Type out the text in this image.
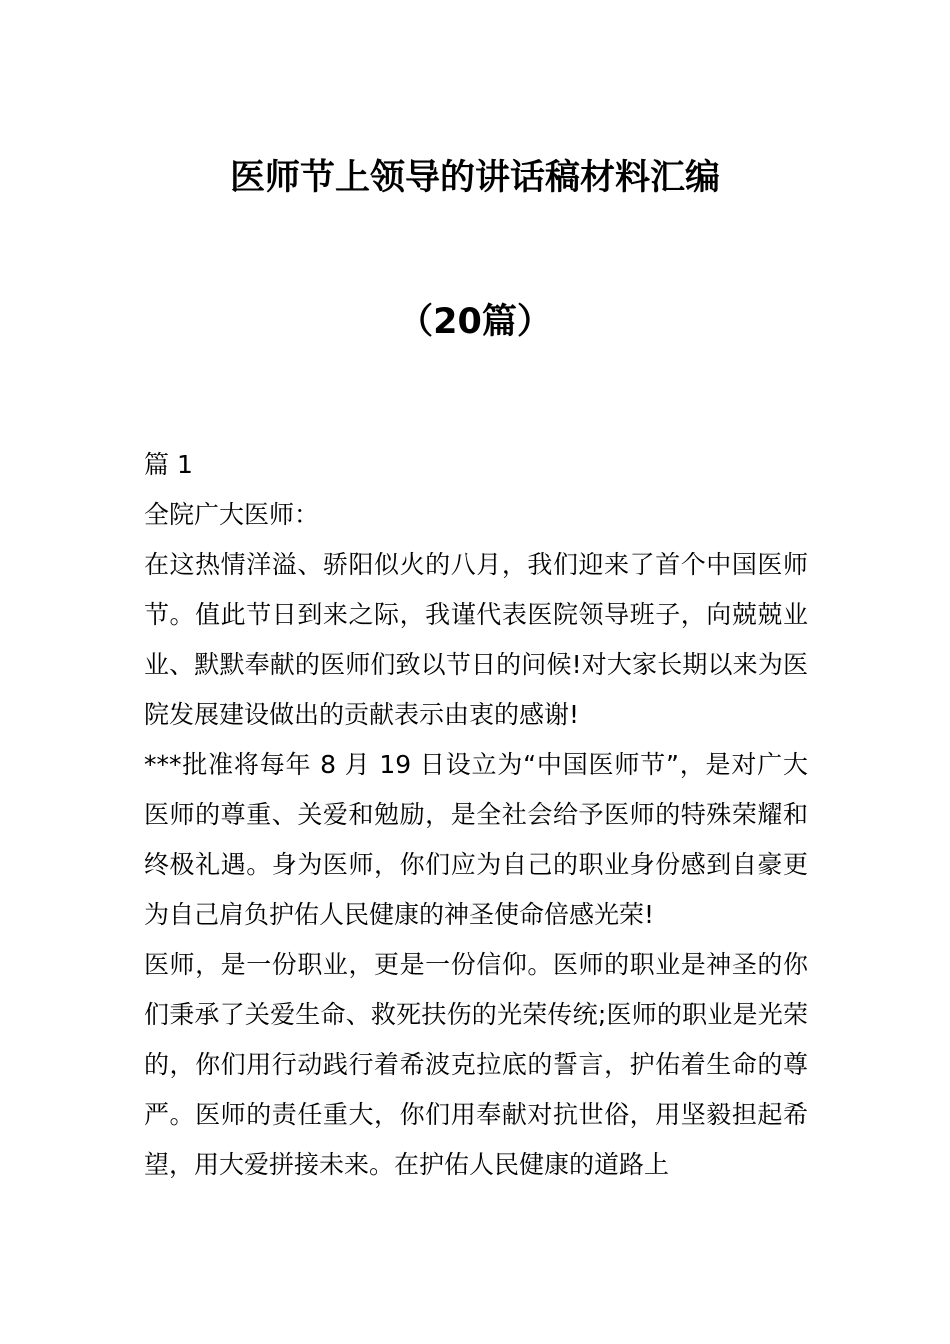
医师节上领导的讲话稿材料汇编
（20篇）

篇 1

全院广大医师：

在这热情洋溢、骄阳似火的八月，我们迎来了首个中国医师节。值此节日到来之际，我谨代表医院领导班子，向兢兢业业、默默奉献的医师们致以节日的问候!对大家长期以来为医院发展建设做出的贡献表示由衷的感谢!

***批准将每年 8 月 19 日设立为“中国医师节”，是对广大医师的尊重、关爱和勉励，是全社会给予医师的特殊荣耀和终极礼遇。身为医师，你们应为自己的职业身份感到自豪更为自己肩负护佑人民健康的神圣使命倍感光荣!

医师，是一份职业，更是一份信仰。医师的职业是神圣的你们秉承了关爱生命、救死扶伤的光荣传统;医师的职业是光荣的，你们用行动践行着希波克拉底的誓言，护佑着生命的尊严。医师的责任重大，你们用奉献对抗世俗，用坚毅担起希望，用大爱拼接未来。在护佑人民健康的道路上
